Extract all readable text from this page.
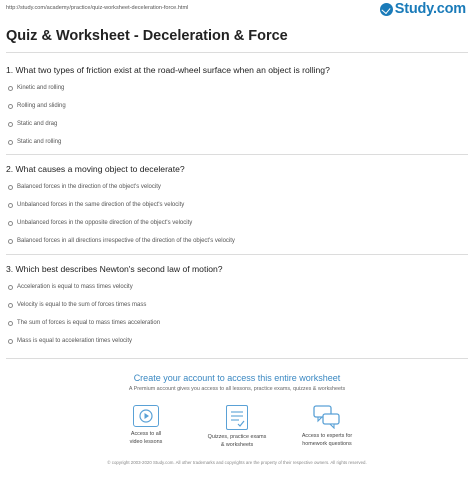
http://study.com/academy/practice/quiz-worksheet-deceleration-force.html	Study.com
Quiz & Worksheet - Deceleration & Force
1. What two types of friction exist at the road-wheel surface when an object is rolling?
Kinetic and rolling
Rolling and sliding
Static and drag
Static and rolling
2. What causes a moving object to decelerate?
Balanced forces in the direction of the object's velocity
Unbalanced forces in the same direction of the object's velocity
Unbalanced forces in the opposite direction of the object's velocity
Balanced forces in all directions irrespective of the direction of the object's velocity
3. Which best describes Newton's second law of motion?
Acceleration is equal to mass times velocity
Velocity is equal to the sum of forces times mass
The sum of forces is equal to mass times acceleration
Mass is equal to acceleration times velocity
Create your account to access this entire worksheet
A Premium account gives you access to all lessons, practice exams, quizzes & worksheets
Access to all
video lessons
Quizzes, practice exams
& worksheets
Access to experts for
homework questions
© copyright 2003-2020 Study.com. All other trademarks and copyrights are the property of their respective owners. All rights reserved.
